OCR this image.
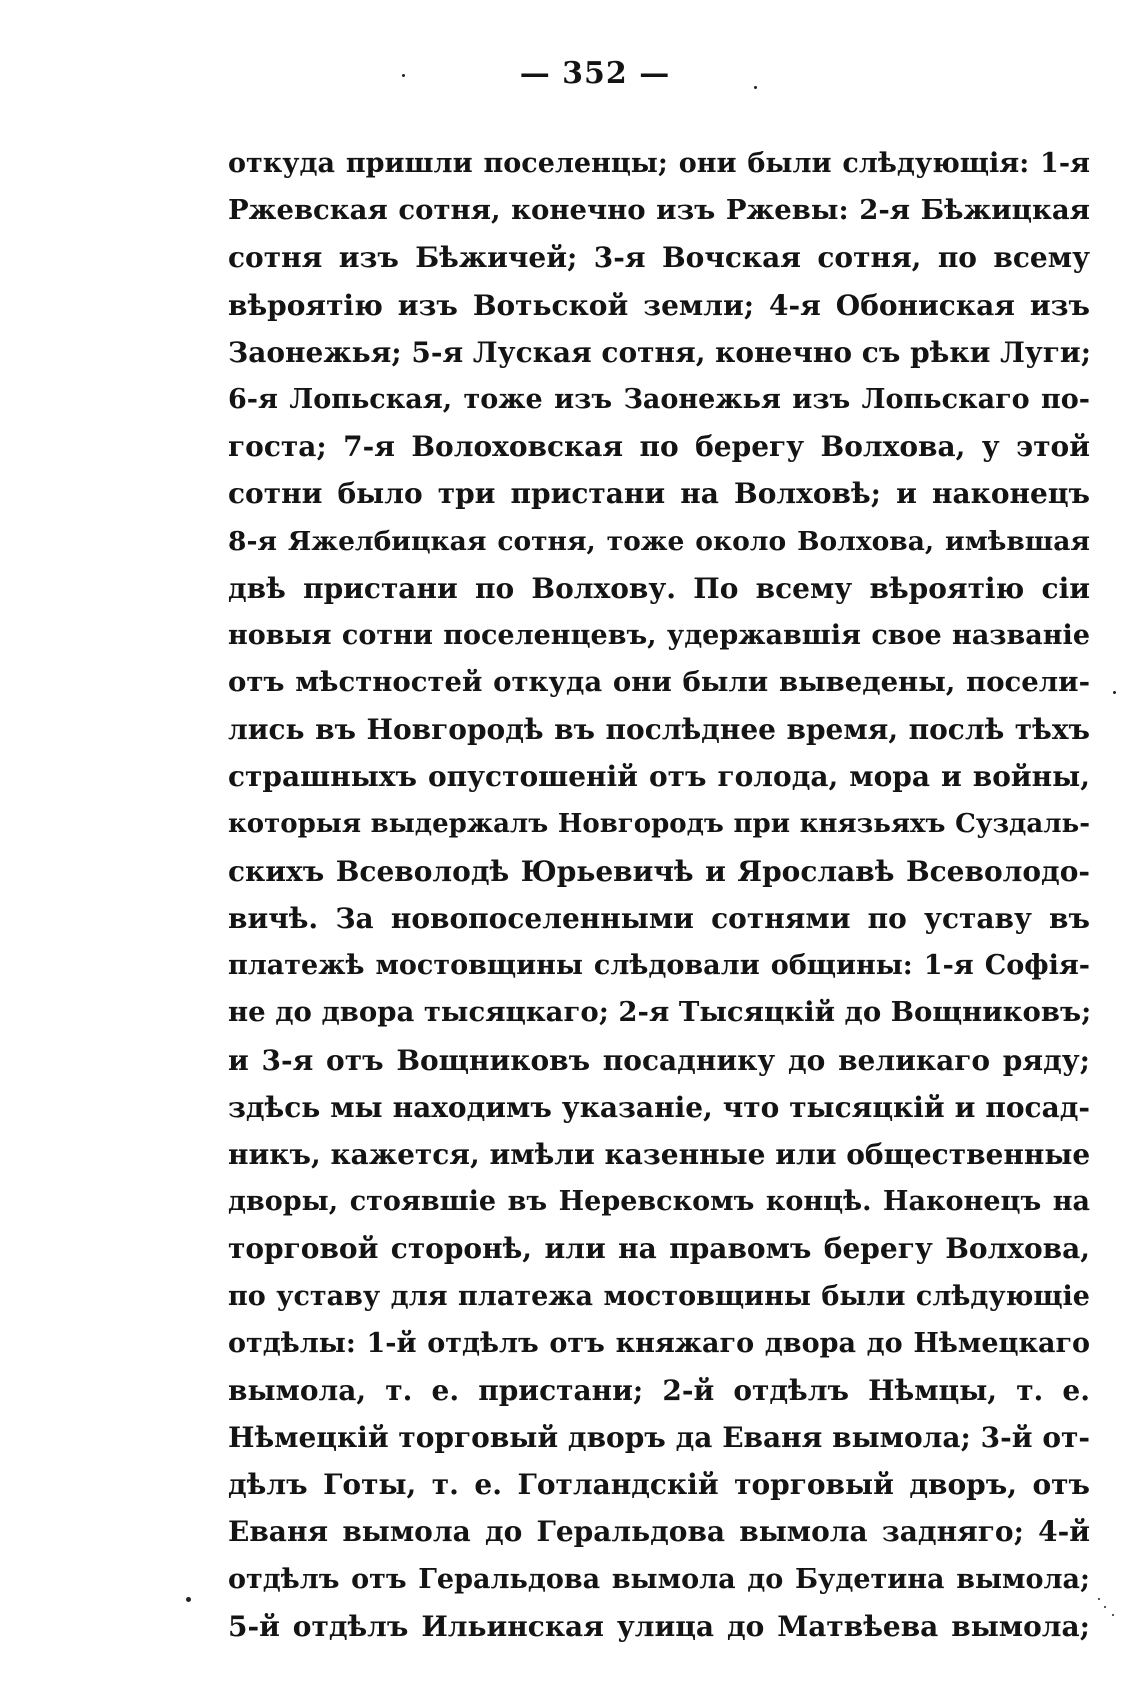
— 352 —
откуда пришли поселенцы; они были слѣдующія: 1-я
Ржевская сотня, конечно изъ Ржевы: 2-я Бѣжицкая
сотня изъ Бѣжичей; 3-я Вочская сотня, по всему
вѣроятію изъ Вотьской земли; 4-я Обониская изъ
Заонежья; 5-я Луская сотня, конечно съ рѣки Луги;
6-я Лопьская, тоже изъ Заонежья изъ Лопьскаго по-
госта; 7-я Волоховская по берегу Волхова, у этой
сотни было три пристани на Волховѣ; и наконецъ
8-я Яжелбицкая сотня, тоже около Волхова, имѣвшая
двѣ пристани по Волхову. По всему вѣроятію сіи
новыя сотни поселенцевъ, удержавшія свое названіе
отъ мѣстностей откуда они были выведены, посели-
лись въ Новгородѣ въ послѣднее время, послѣ тѣхъ
страшныхъ опустошеній отъ голода, мора и войны,
которыя выдержалъ Новгородъ при князьяхъ Суздаль-
скихъ Всеволодѣ Юрьевичѣ и Ярославѣ Всеволодо-
вичѣ. За новопоселенными сотнями по уставу въ
платежѣ мостовщины слѣдовали общины: 1-я Софія-
не до двора тысяцкаго; 2-я Тысяцкій до Вощниковъ;
и 3-я отъ Вощниковъ посаднику до великаго ряду;
здѣсь мы находимъ указаніе, что тысяцкій и посад-
никъ, кажется, имѣли казенные или общественные
дворы, стоявшіе въ Неревскомъ концѣ. Наконецъ на
торговой сторонѣ, или на правомъ берегу Волхова,
по уставу для платежа мостовщины были слѣдующіе
отдѣлы: 1-й отдѣлъ отъ княжаго двора до Нѣмецкаго
вымола, т. е. пристани; 2-й отдѣлъ Нѣмцы, т. е.
Нѣмецкій торговый дворъ да Еваня вымола; 3-й от-
дѣлъ Готы, т. е. Готландскій торговый дворъ, отъ
Еваня вымола до Геральдова вымола задняго; 4-й
отдѣлъ отъ Геральдова вымола до Будетина вымола;
5-й отдѣлъ Ильинская улица до Матвѣева вымола;
